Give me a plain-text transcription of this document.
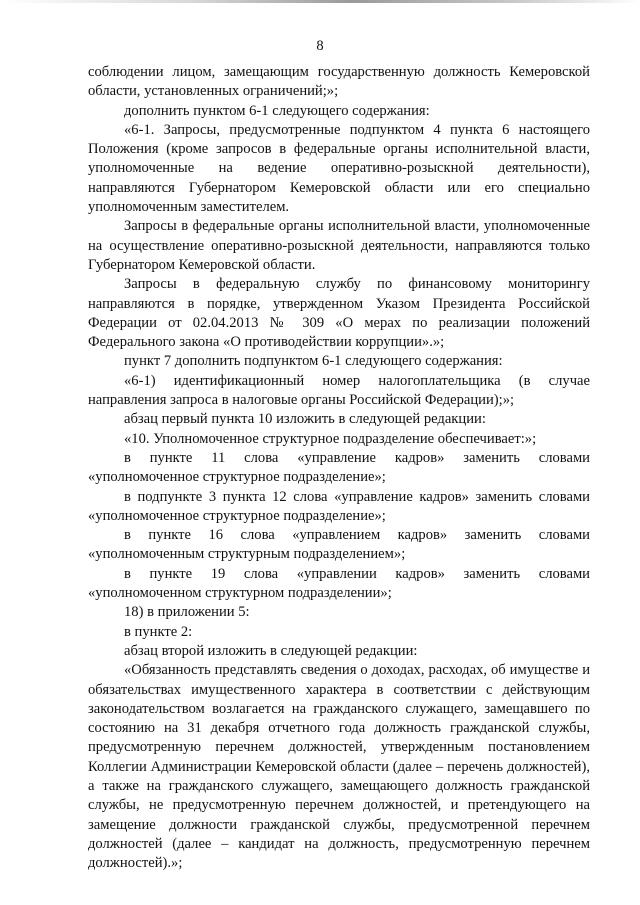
8

соблюдении лицом, замещающим государственную должность Кемеровской области, установленных ограничений;»;

дополнить пунктом 6-1 следующего содержания:

«6-1. Запросы, предусмотренные подпунктом 4 пункта 6 настоящего Положения (кроме запросов в федеральные органы исполнительной власти, уполномоченные на ведение оперативно-розыскной деятельности), направляются Губернатором Кемеровской области или его специально уполномоченным заместителем.

Запросы в федеральные органы исполнительной власти, уполномоченные на осуществление оперативно-розыскной деятельности, направляются только Губернатором Кемеровской области.

Запросы в федеральную службу по финансовому мониторингу направляются в порядке, утвержденном Указом Президента Российской Федерации от 02.04.2013 № 309 «О мерах по реализации положений Федерального закона «О противодействии коррупции».»;

пункт 7 дополнить подпунктом 6-1 следующего содержания:

«6-1) идентификационный номер налогоплательщика (в случае направления запроса в налоговые органы Российской Федерации);»;

абзац первый пункта 10 изложить в следующей редакции:

«10. Уполномоченное структурное подразделение обеспечивает:»;

в пункте 11 слова «управление кадров» заменить словами «уполномоченное структурное подразделение»;

в подпункте 3 пункта 12 слова «управление кадров» заменить словами «уполномоченное структурное подразделение»;

в пункте 16 слова «управлением кадров» заменить словами «уполномоченным структурным подразделением»;

в пункте 19 слова «управлении кадров» заменить словами «уполномоченном структурном подразделении»;

18) в приложении 5:

в пункте 2:

абзац второй изложить в следующей редакции:

«Обязанность представлять сведения о доходах, расходах, об имуществе и обязательствах имущественного характера в соответствии с действующим законодательством возлагается на гражданского служащего, замещавшего по состоянию на 31 декабря отчетного года должность гражданской службы, предусмотренную перечнем должностей, утвержденным постановлением Коллегии Администрации Кемеровской области (далее – перечень должностей), а также на гражданского служащего, замещающего должность гражданской службы, не предусмотренную перечнем должностей, и претендующего на замещение должности гражданской службы, предусмотренной перечнем должностей (далее – кандидат на должность, предусмотренную перечнем должностей).»;
